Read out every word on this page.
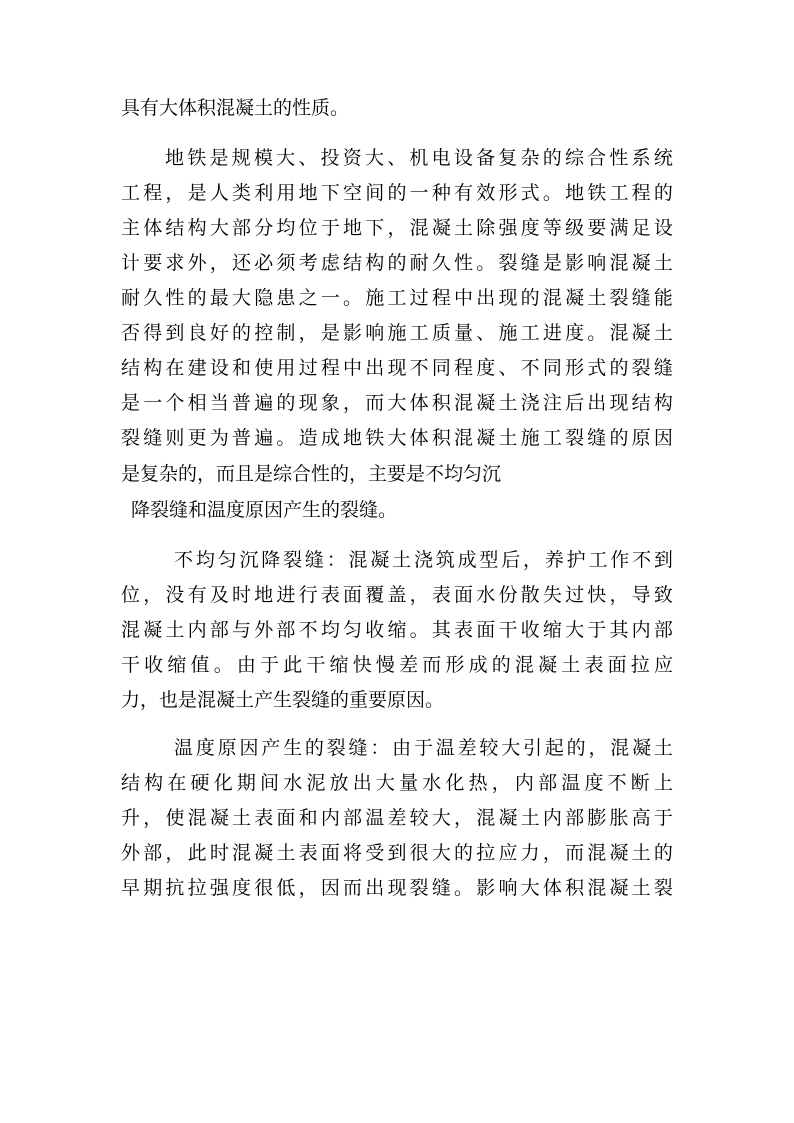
具有大体积混凝土的性质。
地 铁 是 规 模 大 、 投 资 大 、 机 电 设 备 复 杂 的 综 合 性 系 统
工 程 ， 是 人 类 利 用 地 下 空 间 的 一 种 有 效 形 式 。 地 铁 工 程 的
主 体 结 构 大 部 分 均 位 于 地 下 ， 混 凝 土 除 强 度 等 级 要 满 足 设
计 要 求 外 ， 还 必 须 考 虑 结 构 的 耐 久 性 。 裂 缝 是 影 响 混 凝 土
耐 久 性 的 最 大 隐 患 之 一 。 施 工 过 程 中 出 现 的 混 凝 土 裂 缝 能
否 得 到 良 好 的 控 制 ， 是 影 响 施 工 质 量 、 施 工 进 度 。 混 凝 土
结 构 在 建 设 和 使 用 过 程 中 出 现 不 同 程 度 、 不 同 形 式 的 裂 缝
是 一 个 相 当 普 遍 的 现 象 ， 而 大 体 积 混 凝 土 浇 注 后 出 现 结 构
裂 缝 则 更 为 普 遍 。 造 成 地 铁 大 体 积 混 凝 土 施 工 裂 缝 的 原 因
是复杂的，而且是综合性的，主要是不均匀沉
降裂缝和温度原因产生的裂缝。
不 均 匀 沉 降 裂 缝 ： 混 凝 土 浇 筑 成 型 后 ， 养 护 工 作 不 到
位 ， 没 有 及 时 地 进 行 表 面 覆 盖 ， 表 面 水 份 散 失 过 快 ， 导 致
混 凝 土 内 部 与 外 部 不 均 匀 收 缩 。 其 表 面 干 收 缩 大 于 其 内 部
干 收 缩 值 。 由 于 此 干 缩 快 慢 差 而 形 成 的 混 凝 土 表 面 拉 应
力，也是混凝土产生裂缝的重要原因。
温 度 原 因 产 生 的 裂 缝 ： 由 于 温 差 较 大 引 起 的 ， 混 凝 土
结 构 在 硬 化 期 间 水 泥 放 出 大 量 水 化 热 ， 内 部 温 度 不 断 上
升 ， 使 混 凝 土 表 面 和 内 部 温 差 较 大 ， 混 凝 土 内 部 膨 胀 高 于
外 部 ， 此 时 混 凝 土 表 面 将 受 到 很 大 的 拉 应 力 ， 而 混 凝 土 的
早 期 抗 拉 强 度 很 低 ， 因 而 出 现 裂 缝 。 影 响 大 体 积 混 凝 土 裂
